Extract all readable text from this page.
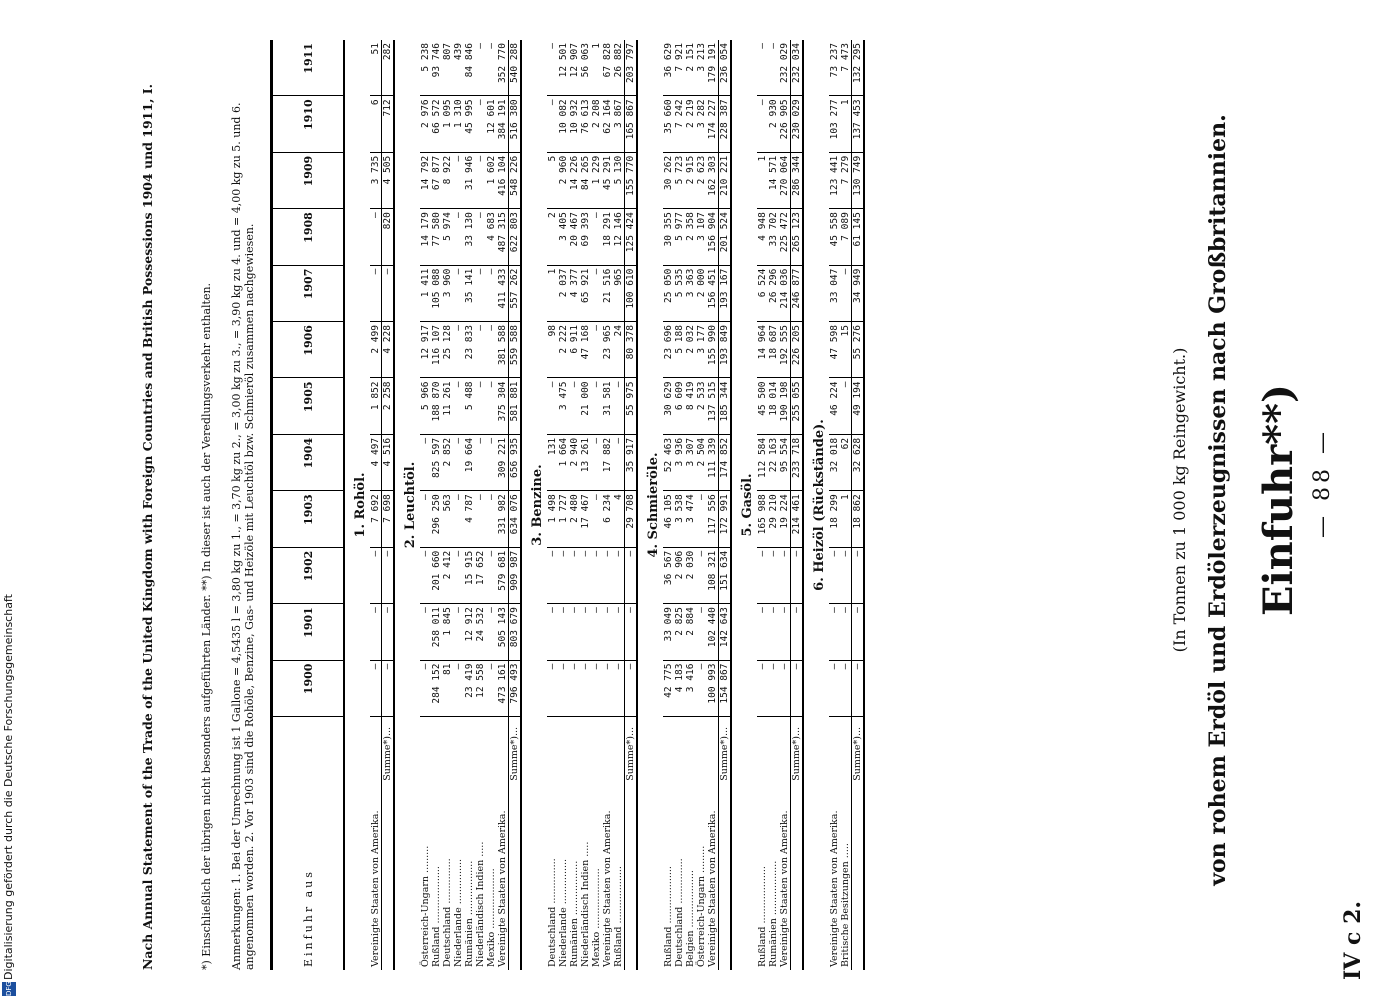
— 88 —
IV c 2.
Einfuhr**)
von rohem Erdöl und Erdölerzeugnissen nach Großbritannien.
(In Tonnen zu 1 000 kg Reingewicht.)
Einfuhr aus	1900	1901	1902	1903	1904	1905	1906	1907	1908	1909	1910	1911
1. Rohöl.												
Vereinigte Staaten von Amerika.	—	—	—	7 692	4 497	1 852	2 499	—	—	3 735	6	51
Summe*)...	—	—	—	7 698	4 516	2 258	4 228	—	820	4 505	712	282
2. Leuchtöl.												
Österreich-Ungarn .........	—	—	—	—	—	5 966	12 917	1 411	14 179	14 792	2 976	5 238
Rußland ...................	284 152	258 011	201 660	296 250	825 597	188 870	116 107	105 088	77 580	67 877	66 572	93 746
Deutschland ...............	81	1 845	2 412	563	2 852	11 261	25 128	3 960	5 974	8 922	1 095	807
Niederlande ...............	—	—	—	—	—	—	—	—	—	—	1 310	439
Rumänien ..................	23 419	12 912	15 915	4 787	19 664	5 488	23 833	35 141	33 130	31 946	45 995	84 846
Niederländisch Indien .....	12 558	24 532	17 652	—	—	—	—	—	—	—	—	—
Mexiko ....................	—	—	—	—	—	—	—	—	4 683	1 602	12 601	—
Vereinigte Staaten von Amerika.	473 161	505 143	579 681	331 982	309 221	375 304	381 588	411 433	487 315	416 104	384 191	352 770
Summe*)...	796 493	803 679	909 987	634 076	656 935	581 881	559 588	557 262	622 803	548 226	516 380	540 288
3. Benzine.												
Deutschland ...............	—	—	—	1 498	131	—	98	1	2	5	—	—
Niederlande ...............	—	—	—	1 727	1 664	3 475	2 222	2 037	3 405	2 960	10 082	12 501
Rumänien ..................	—	—	—	2 480	2 940	—	6 911	4 377	20 467	14 226	10 932	12 907
Niederländisch Indien .....	—	—	—	17 467	13 261	21 000	47 168	65 921	69 393	84 265	76 613	56 063
Mexiko ....................	—	—	—	—	—	—	—	—	—	1 229	2 208	1
Vereinigte Staaten von Amerika.	—	—	—	6 234	17 882	31 581	23 965	21 516	18 291	45 291	62 164	67 828
Rußland ...................	—	—	—	4	—	—	24	965	12 146	5 130	3 867	26 882
Summe*)...	—	—	—	29 708	35 917	55 975	80 378	100 610	125 424	155 770	165 867	203 797
4. Schmieröle.												
Rußland ...................	42 775	33 049	36 567	46 105	52 463	30 629	23 696	25 050	30 355	30 262	35 660	36 629
Deutschland ...............	4 183	2 825	2 906	3 538	3 936	6 609	5 188	5 535	5 977	5 723	7 242	7 921
Belgien ...................	3 416	2 884	2 030	3 474	3 307	8 419	2 032	3 363	2 358	2 915	2 219	2 151
Österreich-Ungarn .........	—	—	—	—	2 504	2 533	3 177	2 000	3 107	2 623	3 282	3 213
Vereinigte Staaten von Amerika.	100 993	102 440	108 321	117 556	111 339	137 515	155 990	156 451	156 904	162 303	174 227	179 191
Summe*)...	154 867	142 643	151 634	172 991	174 852	185 344	193 849	193 167	201 524	210 221	228 387	236 054
5. Gasöl.												
Rußland ...................	—	—	—	165 988	112 584	45 500	14 964	6 524	4 948	1	—	—
Rumänien ..................	—	—	—	29 210	22 163	18 014	18 687	26 296	33 702	14 571	2 930	—
Vereinigte Staaten von Amerika.	—	—	—	19 224	95 554	190 198	192 555	214 036	225 472	270 064	226 905	232 029
Summe*)...	—	—	—	214 461	233 718	255 055	226 205	246 877	265 123	286 344	230 029	232 034
6. Heizöl (Rückstände).												
Vereinigte Staaten von Amerika.	—	—	—	18 299	32 018	46 224	47 598	33 047	45 558	123 441	103 277	73 237
Britische Besitzungen .....	—	—	—	1	62	—	15	—	7 089	7 279	1	7 473
Summe*)...	—	—	—	18 862	32 628	49 194	55 276	34 949	61 145	130 749	137 453	132 295
Anmerkungen: 1. Bei der Umrechnung ist 1 Gallone = 4,5435 l = 3,80 kg zu 1., = 3,70 kg zu 2., = 3,00 kg zu 3., = 3,90 kg zu 4. und = 4,00 kg zu 5. und 6. angenommen worden. 2. Vor 1903 sind die Rohöle, Benzine, Gas- und Heizöle mit Leuchtöl bzw. Schmieröl zusammen nachgewiesen.
*) Einschließlich der übrigen nicht besonders aufgeführten Länder. **) In dieser ist auch der Veredlungsverkehr enthalten.
Nach Annual Statement of the Trade of the United Kingdom with Foreign Countries and British Possessions 1904 und 1911, I.
DFG
Digitalisierung gefördert durch die Deutsche Forschungsgemeinschaft
